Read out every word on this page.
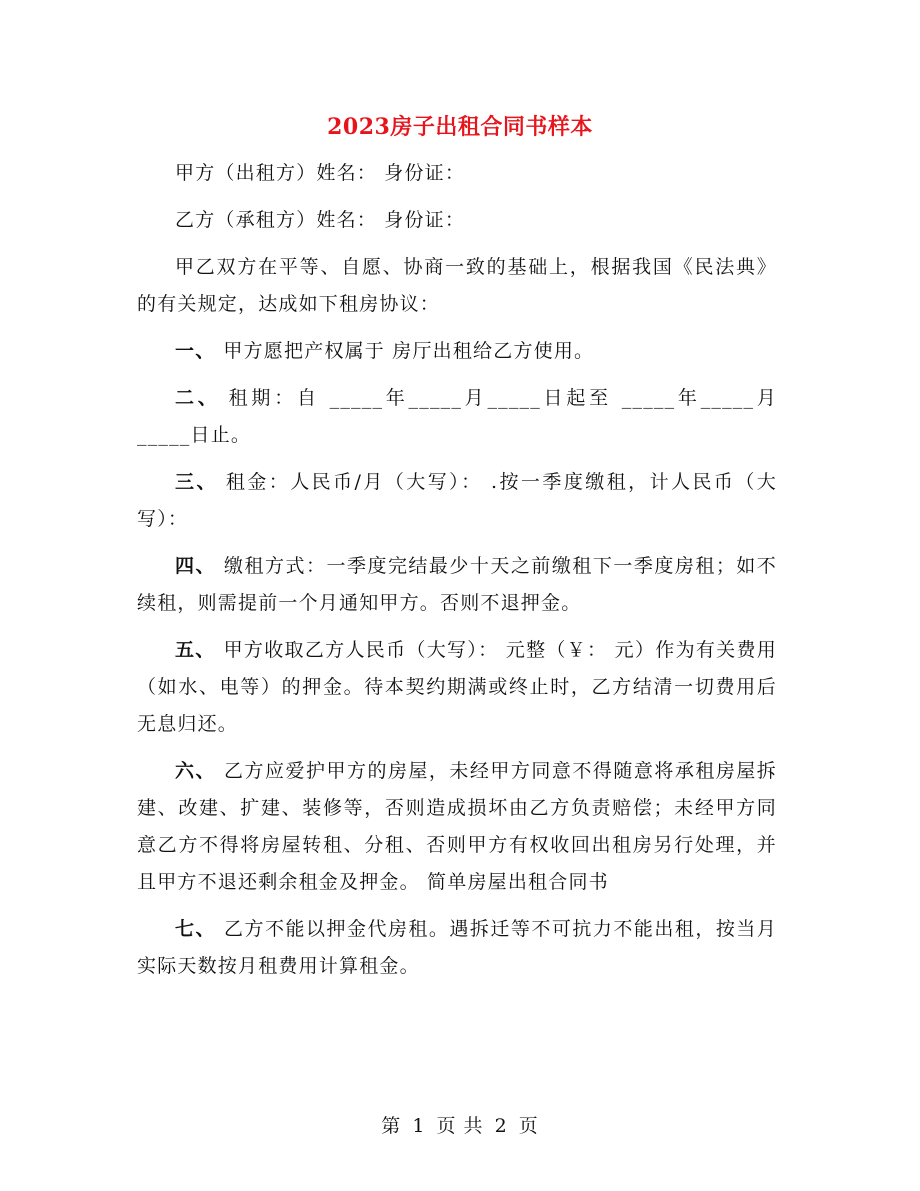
2023房子出租合同书样本

甲方（出租方）姓名： 身份证：

乙方（承租方）姓名： 身份证：

甲乙双方在平等、自愿、协商一致的基础上，根据我国《民法典》的有关规定，达成如下租房协议：

一、 甲方愿把产权属于 房厅出租给乙方使用。

二、 租期：自 _____年_____月_____日起至 _____年_____月_____日止。

三、 租金：人民币/月（大写）： .按一季度缴租，计人民币（大写）：

四、 缴租方式：一季度完结最少十天之前缴租下一季度房租；如不续租，则需提前一个月通知甲方。否则不退押金。

五、 甲方收取乙方人民币（大写）： 元整（￥： 元）作为有关费用（如水、电等）的押金。待本契约期满或终止时，乙方结清一切费用后无息归还。

六、 乙方应爱护甲方的房屋，未经甲方同意不得随意将承租房屋拆建、改建、扩建、装修等，否则造成损坏由乙方负责赔偿；未经甲方同意乙方不得将房屋转租、分租、否则甲方有权收回出租房另行处理，并且甲方不退还剩余租金及押金。 简单房屋出租合同书

七、 乙方不能以押金代房租。遇拆迁等不可抗力不能出租，按当月实际天数按月租费用计算租金。

第 1 页 共 2 页
